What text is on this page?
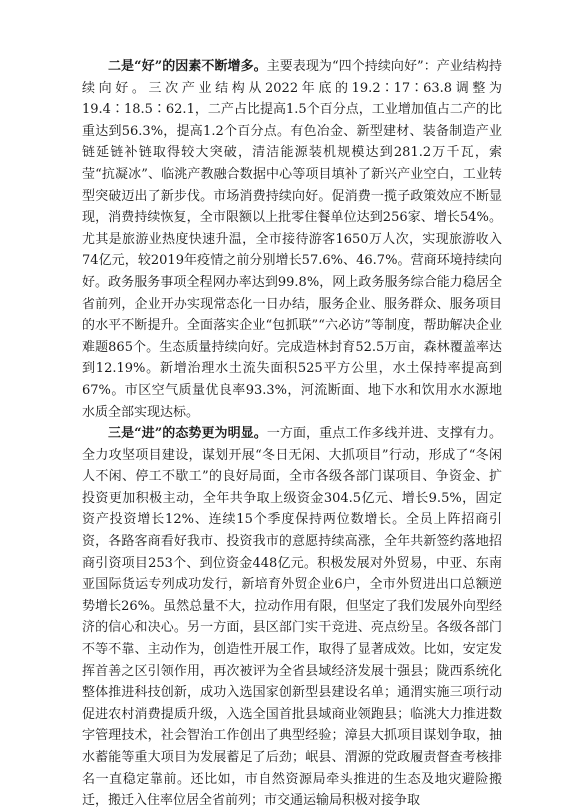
二是“好”的因素不断增多。主要表现为“四个持续向好”：产业结构持续向好。三次产业结构从2022年底的19.2∶17∶63.8调整为19.4∶18.5∶62.1，二产占比提高1.5个百分点，工业增加值占二产的比重达到56.3%，提高1.2个百分点。有色冶金、新型建材、装备制造产业链延链补链取得较大突破，清洁能源装机规模达到281.2万千瓦，索莹“抗凝冰”、临洮产教融合数据中心等项目填补了新兴产业空白，工业转型突破迈出了新步伐。市场消费持续向好。促消费一揽子政策效应不断显现，消费持续恢复，全市限额以上批零住餐单位达到256家、增长54%。尤其是旅游业热度快速升温，全市接待游客1650万人次，实现旅游收入74亿元，较2019年疫情之前分别增长57.6%、46.7%。营商环境持续向好。政务服务事项全程网办率达到99.8%，网上政务服务综合能力稳居全省前列，企业开办实现常态化一日办结，服务企业、服务群众、服务项目的水平不断提升。全面落实企业“包抓联”“六必访”等制度，帮助解决企业难题865个。生态质量持续向好。完成造林封育52.5万亩，森林覆盖率达到12.19%。新增治理水土流失面积525平方公里，水土保持率提高到67%。市区空气质量优良率93.3%，河流断面、地下水和饮用水水源地水质全部实现达标。

三是“进”的态势更为明显。一方面，重点工作多线并进、支撑有力。全力攻坚项目建设，谋划开展“冬日无闲、大抓项目”行动，形成了“冬闲人不闲、停工不歇工”的良好局面，全市各级各部门谋项目、争资金、扩投资更加积极主动，全年共争取上级资金304.5亿元、增长9.5%，固定资产投资增长12%、连续15个季度保持两位数增长。全员上阵招商引资，各路客商看好我市、投资我市的意愿持续高涨，全年共新签约落地招商引资项目253个、到位资金448亿元。积极发展对外贸易，中亚、东南亚国际货运专列成功发行，新培育外贸企业6户，全市外贸进出口总额逆势增长26%。虽然总量不大，拉动作用有限，但坚定了我们发展外向型经济的信心和决心。另一方面，县区部门实干竞进、亮点纷呈。各级各部门不等不靠、主动作为，创造性开展工作，取得了显著成效。比如，安定发挥首善之区引领作用，再次被评为全省县域经济发展十强县；陇西系统化整体推进科技创新，成功入选国家创新型县建设名单；通渭实施三项行动促进农村消费提质升级，入选全国首批县域商业领跑县；临洮大力推进数字管理技术，社会智治工作创出了典型经验；漳县大抓项目谋划争取，抽水蓄能等重大项目为发展蓄足了后劲；岷县、渭源的党政履责督查考核排名一直稳定靠前。还比如，市自然资源局牵头推进的生态及地灾避险搬迁，搬迁入住率位居全省前列；市交通运输局积极对接争取
